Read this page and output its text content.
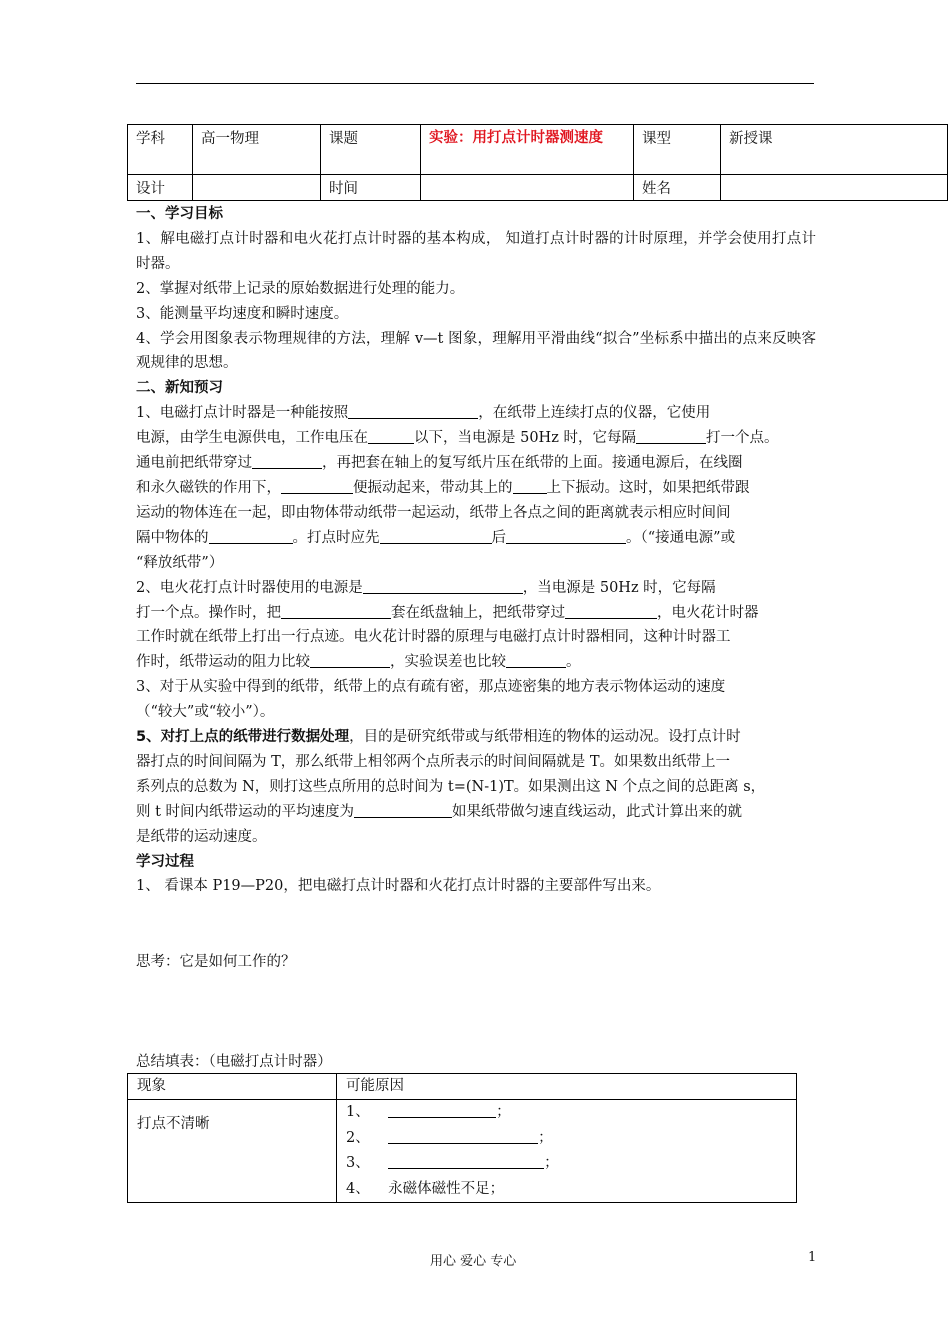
学科	高一物理	课题	实验：用打点计时器测速度	课型	新授课
设计		时间		姓名	
一、学习目标

1、解电磁打点计时器和电火花打点计时器的基本构成， 知道打点计时器的计时原理，并学会使用打点计时器。

2、掌握对纸带上记录的原始数据进行处理的能力。

3、能测量平均速度和瞬时速度。

4、学会用图象表示物理规律的方法，理解 v—t 图象，理解用平滑曲线“拟合”坐标系中描出的点来反映客观规律的思想。

二、新知预习

1、电磁打点计时器是一种能按照	，在纸带上连续打点的仪器，它使用
电源，由学生电源供电，工作电压在	以下，当电源是 50Hz 时，它每隔	打一个点。
通电前把纸带穿过	，再把套在轴上的复写纸片压在纸带的上面。接通电源后，在线圈
和永久磁铁的作用下，	便振动起来，带动其上的 上下振动。这时，如果把纸带跟
运动的物体连在一起，即由物体带动纸带一起运动，纸带上各点之间的距离就表示相应时间间
隔中物体的	。打点时应先	后	。（“接通电源”或
“释放纸带”）

2、电火花打点计时器使用的电源是	，当电源是 50Hz 时，它每隔
打一个点。操作时，把	套在纸盘轴上，把纸带穿过	，电火花计时器
工作时就在纸带上打出一行点迹。电火花计时器的原理与电磁打点计时器相同，这种计时器工
作时，纸带运动的阻力比较	，实验误差也比较	。

3、对于从实验中得到的纸带，纸带上的点有疏有密，那点迹密集的地方表示物体运动的速度
（“较大”或“较小”）。

5、对打上点的纸带进行数据处理，目的是研究纸带或与纸带相连的物体的运动况。设打点计时
器打点的时间间隔为 T，那么纸带上相邻两个点所表示的时间间隔就是 T。如果数出纸带上一
系列点的总数为 N，则打这些点所用的总时间为 t=(N-1)T。如果测出这 N 个点之间的总距离 s，
则 t 时间内纸带运动的平均速度为	如果纸带做匀速直线运动，此式计算出来的就
是纸带的运动速度。

学习过程

1、 看课本 P19—P20，把电磁打点计时器和火花打点计时器的主要部件写出来。

思考：它是如何工作的？
总结填表：（电磁打点计时器）
现象	可能原因
打点不清晰	1、 ；
2、 ；
3、 ；
4、 永磁体磁性不足；
用心 爱心 专心	1
